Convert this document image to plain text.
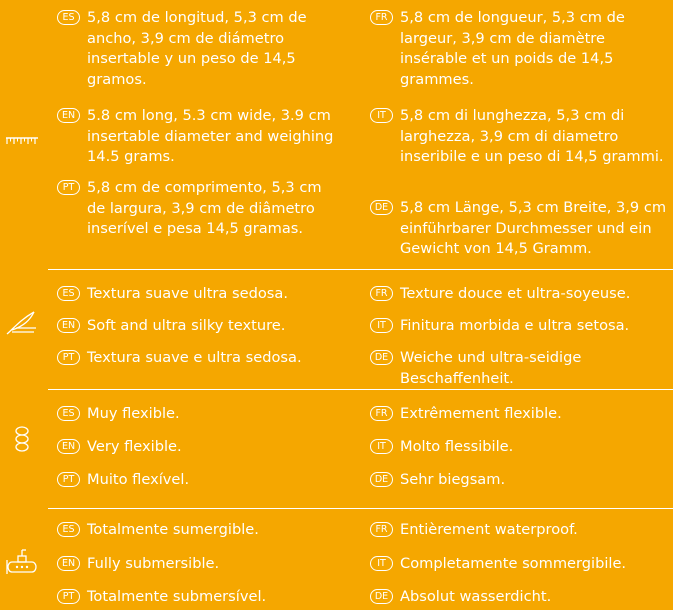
ES 5,8 cm de longitud, 5,3 cm de ancho, 3,9 cm de diámetro insertable y un peso de 14,5 gramos.
EN 5.8 cm long, 5.3 cm wide, 3.9 cm insertable diameter and weighing 14.5 grams.
PT 5,8 cm de comprimento, 5,3 cm de largura, 3,9 cm de diâmetro inserível e pesa 14,5 gramas.
FR 5,8 cm de longueur, 5,3 cm de largeur, 3,9 cm de diamètre insérable et un poids de 14,5 grammes.
IT 5,8 cm di lunghezza, 5,3 cm di larghezza, 3,9 cm di diametro inseribile e un peso di 14,5 grammi.
DE 5,8 cm Länge, 5,3 cm Breite, 3,9 cm einführbarer Durchmesser und ein Gewicht von 14,5 Gramm.
ES Textura suave ultra sedosa.
EN Soft and ultra silky texture.
PT Textura suave e ultra sedosa.
FR Texture douce et ultra-soyeuse.
IT Finitura morbida e ultra setosa.
DE Weiche und ultra-seidige Beschaffenheit.
ES Muy flexible.
EN Very flexible.
PT Muito flexível.
FR Extrêmement flexible.
IT Molto flessibile.
DE Sehr biegsam.
ES Totalmente sumergible.
EN Fully submersible.
PT Totalmente submersível.
FR Entièrement waterproof.
IT Completamente sommergibile.
DE Absolut wasserdicht.
